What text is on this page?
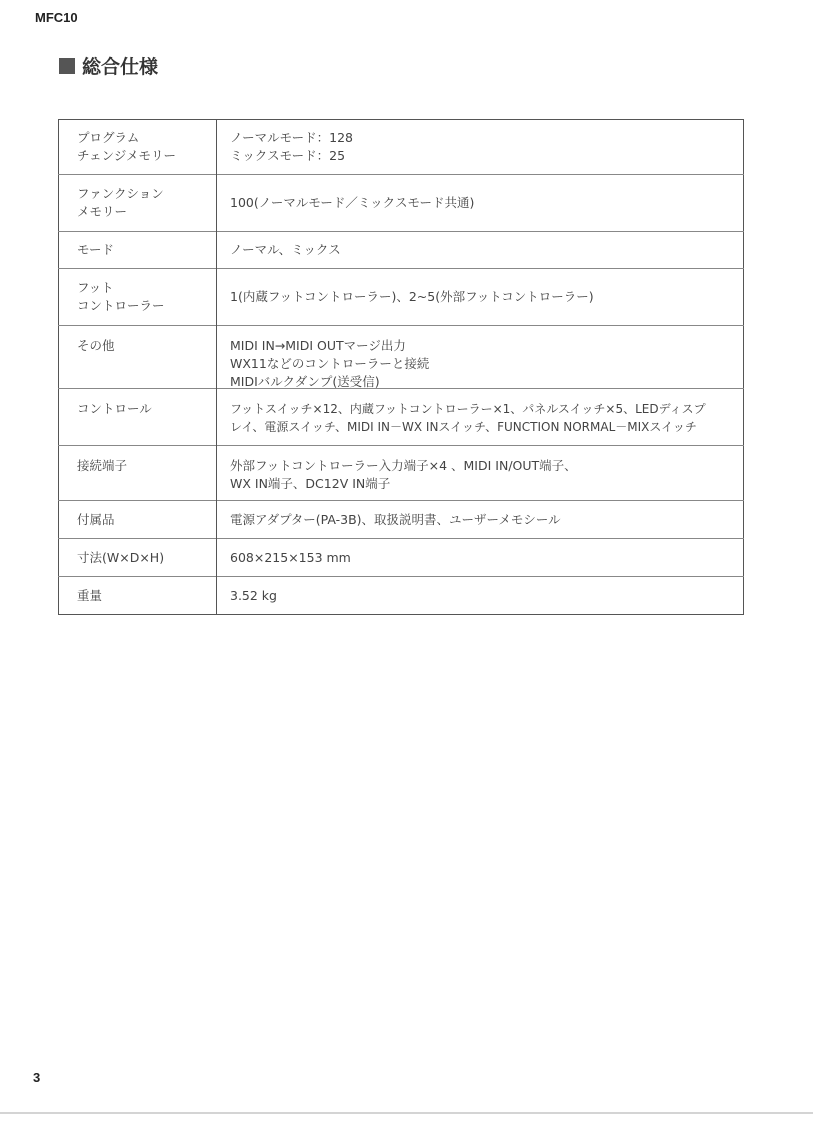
MFC10
総合仕様
プログラム
チェンジメモリー	ノーマルモード：128
ミックスモード：25

ファンクション
メモリー	100(ノーマルモード／ミックスモード共通)

モード	ノーマル、ミックス

フット
コントローラー	1(内蔵フットコントローラー)、2~5(外部フットコントローラー)

その他	MIDI IN→MIDI OUTマージ出力
WX11などのコントローラーと接続
MIDIバルクダンプ(送受信)

コントロール	フットスイッチ×12、内蔵フットコントローラー×1、パネルスイッチ×5、LEDディスプ
レイ、電源スイッチ、MIDI IN－WX INスイッチ、FUNCTION NORMAL－MIXスイッチ

接続端子	外部フットコントローラー入力端子×4 、MIDI IN/OUT端子、
WX IN端子、DC12V IN端子

付属品	電源アダプター(PA-3B)、取扱説明書、ユーザーメモシール

寸法(W×D×H)	608×215×153 mm

重量	3.52 kg
3
